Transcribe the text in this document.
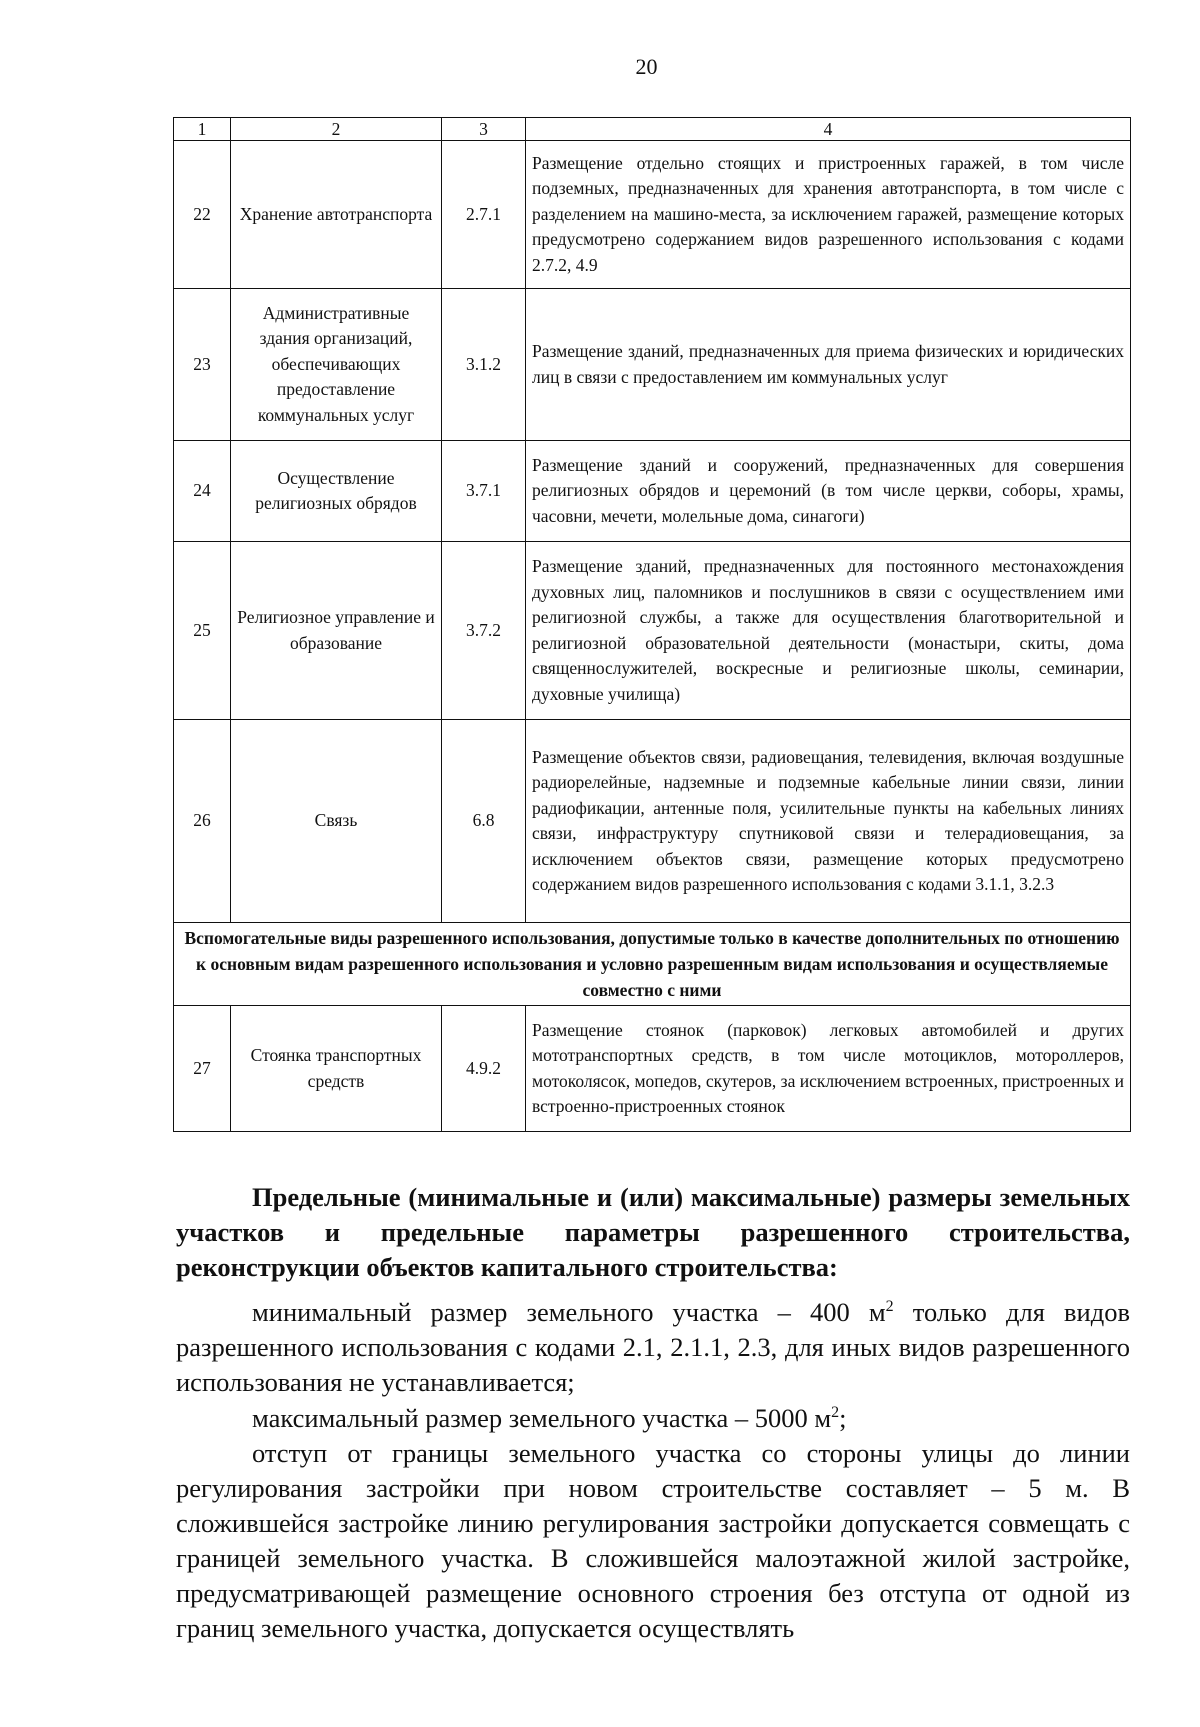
20
1	2	3	4
22	Хранение автотранспорта	2.7.1	Размещение отдельно стоящих и пристроенных гаражей, в том числе подземных, предназначенных для хранения автотранспорта, в том числе с разделением на машино-места, за исключением гаражей, размещение которых предусмотрено содержанием видов разрешенного использования с кодами 2.7.2, 4.9
23	Административные здания организаций, обеспечивающих предоставление коммунальных услуг	3.1.2	Размещение зданий, предназначенных для приема физических и юридических лиц в связи с предоставлением им коммунальных услуг
24	Осуществление религиозных обрядов	3.7.1	Размещение зданий и сооружений, предназначенных для совершения религиозных обрядов и церемоний (в том числе церкви, соборы, храмы, часовни, мечети, молельные дома, синагоги)
25	Религиозное управление и образование	3.7.2	Размещение зданий, предназначенных для постоянного местонахождения духовных лиц, паломников и послушников в связи с осуществлением ими религиозной службы, а также для осуществления благотворительной и религиозной образовательной деятельности (монастыри, скиты, дома священнослужителей, воскресные и религиозные школы, семинарии, духовные училища)
26	Связь	6.8	Размещение объектов связи, радиовещания, телевидения, включая воздушные радиорелейные, надземные и подземные кабельные линии связи, линии радиофикации, антенные поля, усилительные пункты на кабельных линиях связи, инфраструктуру спутниковой связи и телерадиовещания, за исключением объектов связи, размещение которых предусмотрено содержанием видов разрешенного использования с кодами 3.1.1, 3.2.3
Вспомогательные виды разрешенного использования, допустимые только в качестве дополнительных по отношению к основным видам разрешенного использования и условно разрешенным видам использования и осуществляемые совместно с ними			
27	Стоянка транспортных средств	4.9.2	Размещение стоянок (парковок) легковых автомобилей и других мототранспортных средств, в том числе мотоциклов, мотороллеров, мотоколясок, мопедов, скутеров, за исключением встроенных, пристроенных и встроенно-пристроенных стоянок
Предельные (минимальные и (или) максимальные) размеры земельных участков и предельные параметры разрешенного строительства, реконструкции объектов капитального строительства:

минимальный размер земельного участка – 400 $м^2$ только для видов разрешенного использования с кодами 2.1, 2.1.1, 2.3, для иных видов разрешенного использования не устанавливается;

максимальный размер земельного участка – 5000 $м^2$;

отступ от границы земельного участка со стороны улицы до линии регулирования застройки при новом строительстве составляет – 5 м. В сложившейся застройке линию регулирования застройки допускается совмещать с границей земельного участка. В сложившейся малоэтажной жилой застройке, предусматривающей размещение основного строения без отступа от одной из границ земельного участка, допускается осуществлять
